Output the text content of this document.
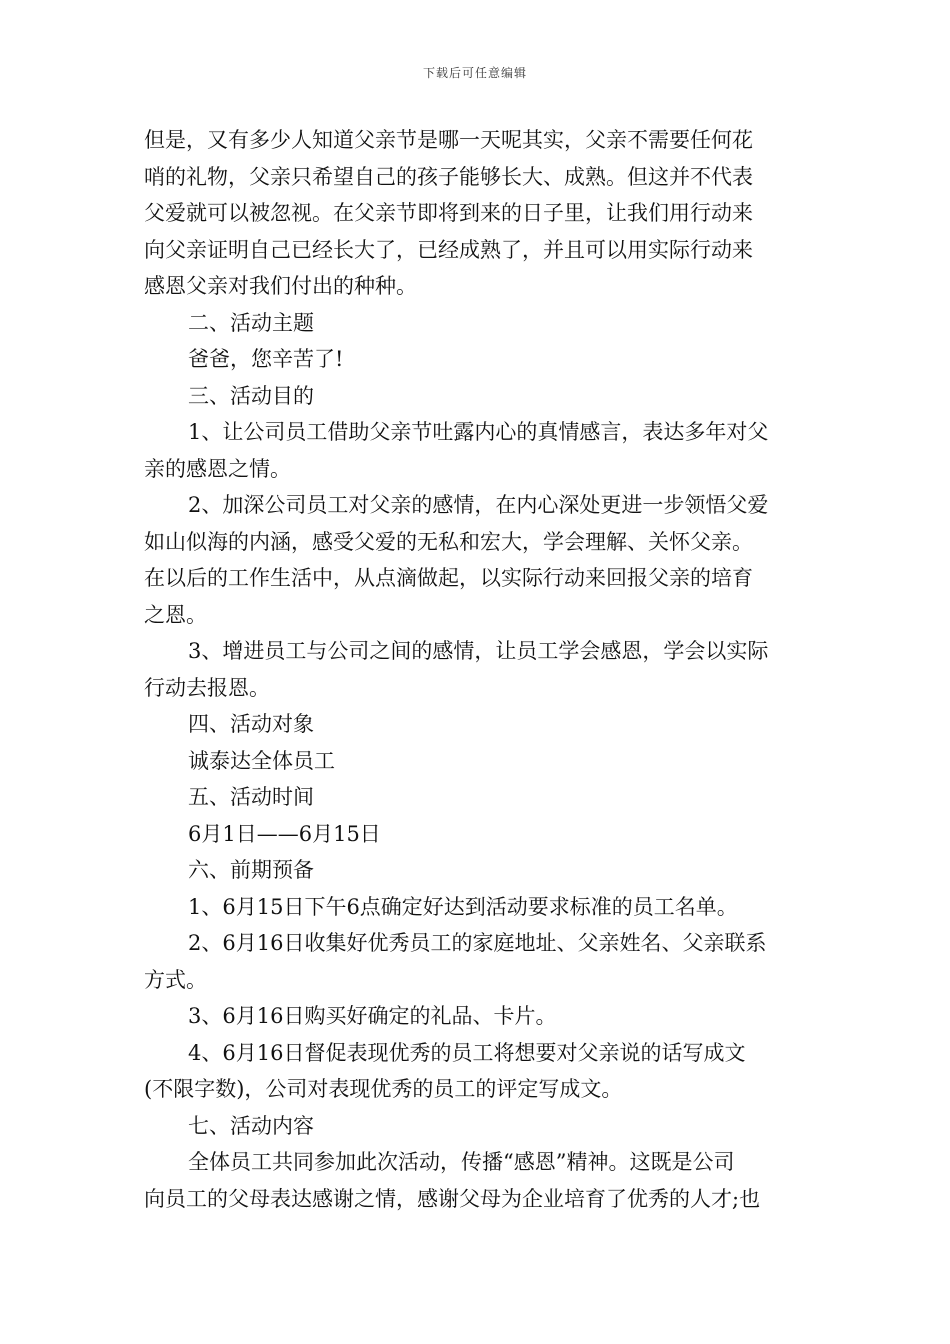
下载后可任意编辑

但是，又有多少人知道父亲节是哪一天呢其实，父亲不需要任何花

哨的礼物，父亲只希望自己的孩子能够长大、成熟。但这并不代表

父爱就可以被忽视。在父亲节即将到来的日子里，让我们用行动来

向父亲证明自己已经长大了，已经成熟了，并且可以用实际行动来

感恩父亲对我们付出的种种。

二、活动主题

爸爸，您辛苦了!

三、活动目的

1、让公司员工借助父亲节吐露内心的真情感言，表达多年对父

亲的感恩之情。

2、加深公司员工对父亲的感情，在内心深处更进一步领悟父爱

如山似海的内涵，感受父爱的无私和宏大，学会理解、关怀父亲。

在以后的工作生活中，从点滴做起，以实际行动来回报父亲的培育

之恩。

3、增进员工与公司之间的感情，让员工学会感恩，学会以实际

行动去报恩。

四、活动对象

诚泰达全体员工

五、活动时间

6月1日——6月15日

六、前期预备

1、6月15日下午6点确定好达到活动要求标准的员工名单。

2、6月16日收集好优秀员工的家庭地址、父亲姓名、父亲联系

方式。

3、6月16日购买好确定的礼品、卡片。

4、6月16日督促表现优秀的员工将想要对父亲说的话写成文

(不限字数)，公司对表现优秀的员工的评定写成文。

七、活动内容

全体员工共同参加此次活动，传播“感恩”精神。这既是公司

向员工的父母表达感谢之情，感谢父母为企业培育了优秀的人才;也
